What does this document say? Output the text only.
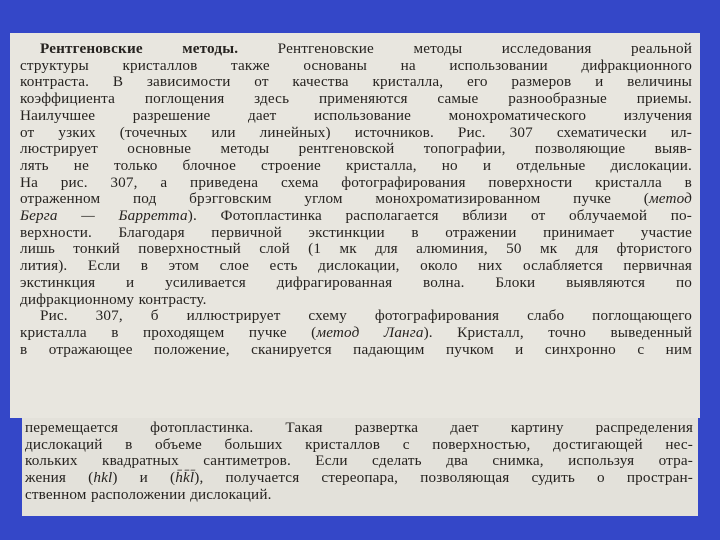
Рентгеновские методы. Рентгеновские методы исследования реальной
структуры кристаллов также основаны на использовании дифракционного
контраста. В зависимости от качества кристалла, его размеров и величины
коэффициента поглощения здесь применяются самые разнообразные приемы.
Наилучшее разрешение дает использование монохроматического излучения
от узких (точечных или линейных) источников. Рис. 307 схематически ил-
люстрирует основные методы рентгеновской топографии, позволяющие выяв-
лять не только блочное строение кристалла, но и отдельные дислокации.
На рис. 307, а приведена схема фотографирования поверхности кристалла в
отраженном под брэгговским углом монохроматизированном пучке (метод
Берга — Барретта). Фотопластинка располагается вблизи от облучаемой по-
верхности. Благодаря первичной экстинкции в отражении принимает участие
лишь тонкий поверхностный слой (1 мк для алюминия, 50 мк для фтористого
лития). Если в этом слое есть дислокации, около них ослабляется первичная
экстинкция и усиливается дифрагированная волна. Блоки выявляются по
дифракционному контрасту.
Рис. 307, б иллюстрирует схему фотографирования слабо поглощающего
кристалла в проходящем пучке (метод Ланга). Кристалл, точно выведенный
в отражающее положение, сканируется падающим пучком и синхронно с ним
перемещается фотопластинка. Такая развертка дает картину распределения
дислокаций в объеме больших кристаллов с поверхностью, достигающей нес-
кольких квадратных сантиметров. Если сделать два снимка, используя отра-
жения (hkl) и (h̄k̄l̄), получается стереопара, позволяющая судить о простран-
ственном расположении дислокаций.
